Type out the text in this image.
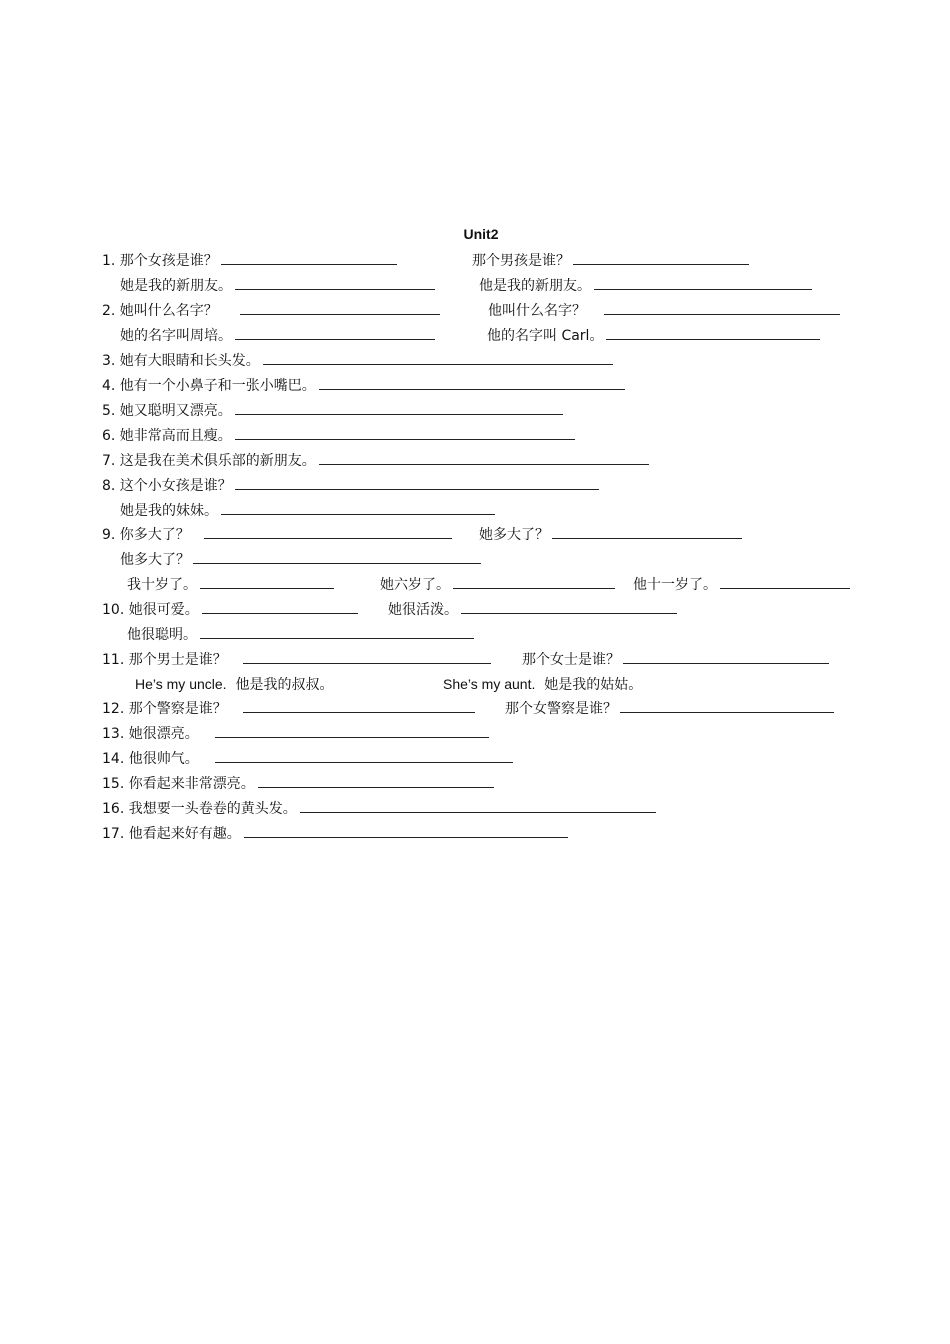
Unit2
1. 那个女孩是谁？	那个男孩是谁？
她是我的新朋友。	他是我的新朋友。
2. 她叫什么名字？	他叫什么名字？
她的名字叫周培。	他的名字叫 Carl。
3. 她有大眼睛和长头发。
4. 他有一个小鼻子和一张小嘴巴。
5. 她又聪明又漂亮。
6. 她非常高而且瘦。
7. 这是我在美术俱乐部的新朋友。
8. 这个小女孩是谁？
她是我的妹妹。
9. 你多大了？	她多大了？
他多大了？
我十岁了。	她六岁了。	他十一岁了。
10. 她很可爱。	她很活泼。
他很聪明。
11. 那个男士是谁？	那个女士是谁？
He’s my uncle. 他是我的叔叔。	She’s my aunt. 她是我的姑姑。
12. 那个警察是谁？	那个女警察是谁？
13. 她很漂亮。
14. 他很帅气。
15. 你看起来非常漂亮。
16. 我想要一头卷卷的黄头发。
17. 他看起来好有趣。
